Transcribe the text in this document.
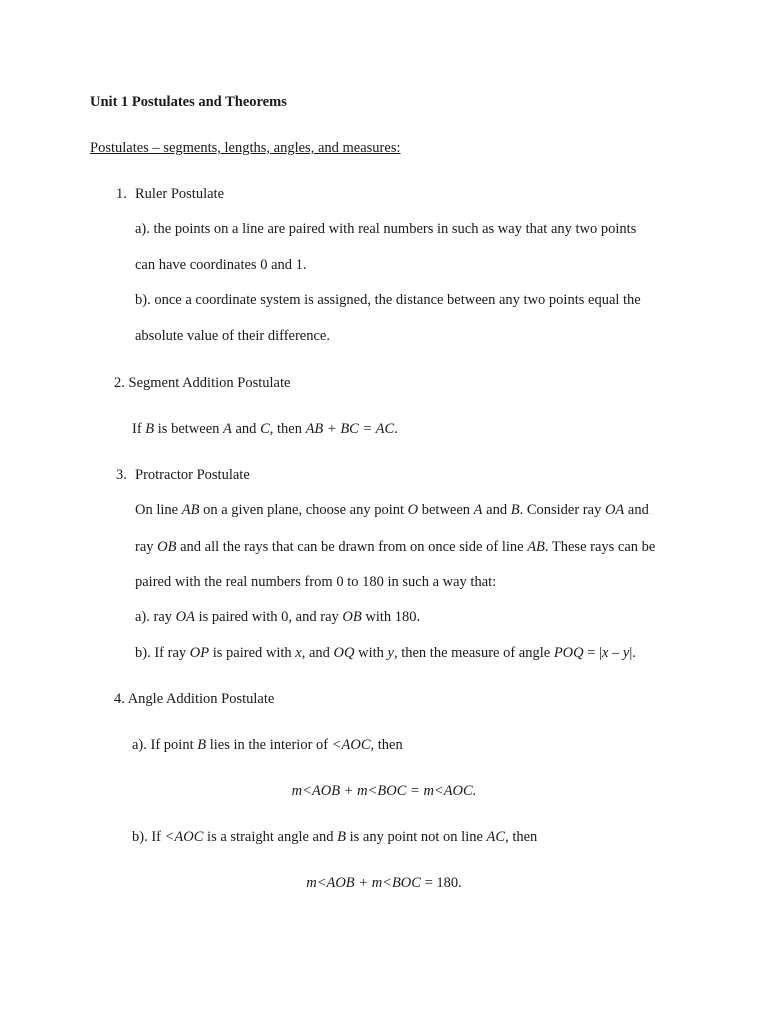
Unit 1 Postulates and Theorems
Postulates – segments, lengths, angles, and measures:
1. Ruler Postulate
a). the points on a line are paired with real numbers in such as way that any two points
can have coordinates 0 and 1.
b). once a coordinate system is assigned, the distance between any two points equal the
absolute value of their difference.
2. Segment Addition Postulate
If B is between A and C, then AB + BC = AC.
3. Protractor Postulate
On line AB on a given plane, choose any point O between A and B. Consider ray OA and
ray OB and all the rays that can be drawn from on once side of line AB. These rays can be
paired with the real numbers from 0 to 180 in such a way that:
a). ray OA is paired with 0, and ray OB with 180.
b). If ray OP is paired with x, and OQ with y, then the measure of angle POQ = |x – y|.
4. Angle Addition Postulate
a). If point B lies in the interior of <AOC, then
m<AOB + m<BOC = m<AOC.
b). If <AOC is a straight angle and B is any point not on line AC, then
m<AOB + m<BOC = 180.
